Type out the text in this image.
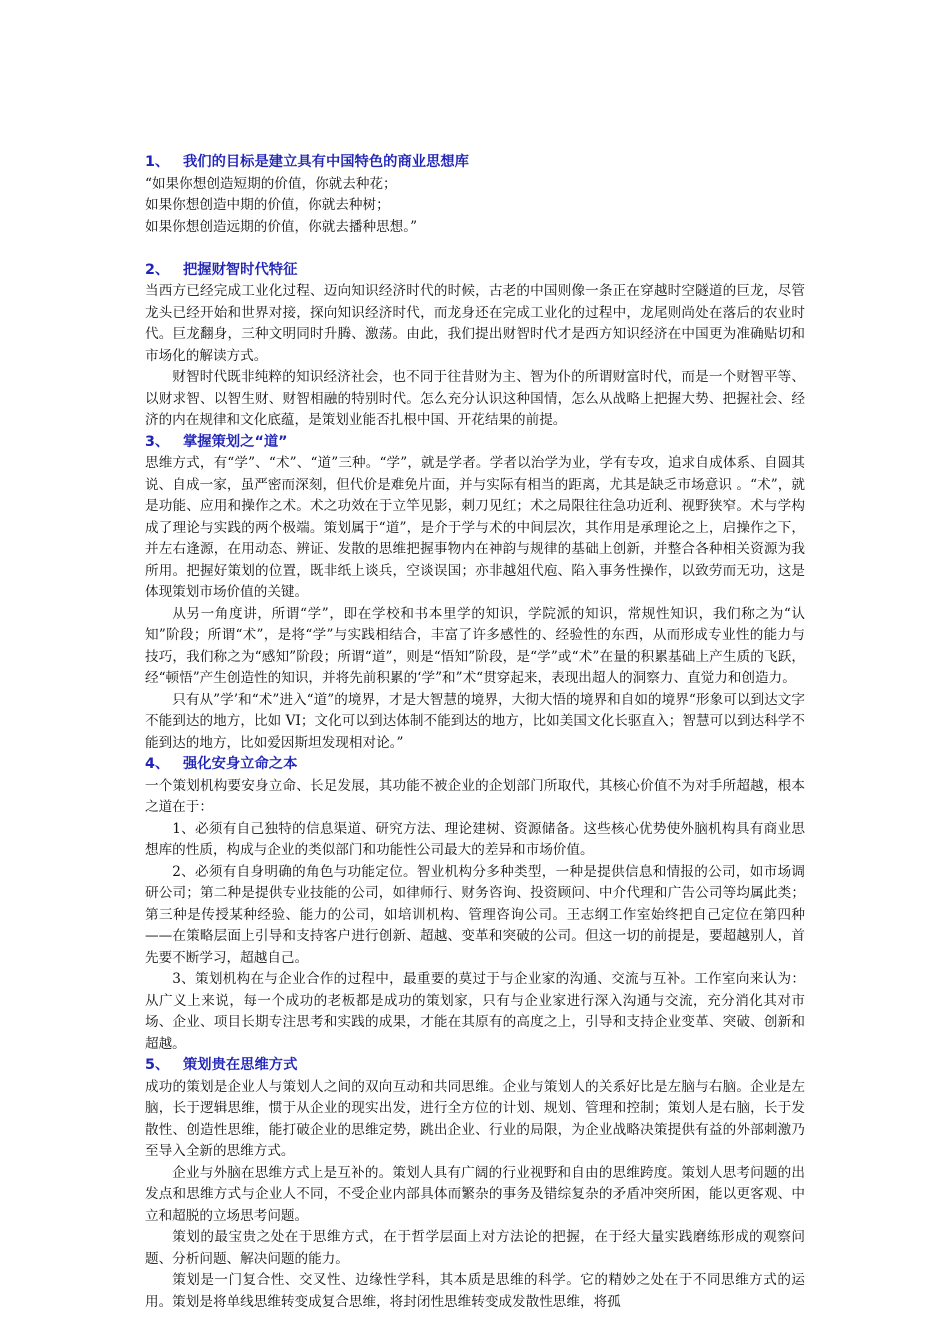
1、 我们的目标是建立具有中国特色的商业思想库

“如果你想创造短期的价值，你就去种花；

如果你想创造中期的价值，你就去种树；

如果你想创造远期的价值，你就去播种思想。”

2、 把握财智时代特征

当西方已经完成工业化过程、迈向知识经济时代的时候，古老的中国则像一条正在穿越时空隧道的巨龙，尽管龙头已经开始和世界对接，探向知识经济时代，而龙身还在完成工业化的过程中，龙尾则尚处在落后的农业时代。巨龙翻身，三种文明同时升腾、激荡。由此，我们提出财智时代才是西方知识经济在中国更为准确贴切和市场化的解读方式。

财智时代既非纯粹的知识经济社会，也不同于往昔财为主、智为仆的所谓财富时代，而是一个财智平等、以财求智、以智生财、财智相融的特别时代。怎么充分认识这种国情，怎么从战略上把握大势、把握社会、经济的内在规律和文化底蕴，是策划业能否扎根中国、开花结果的前提。

3、 掌握策划之“道”

思维方式，有“学”、“术”、“道”三种。“学”，就是学者。学者以治学为业，学有专攻，追求自成体系、自圆其说、自成一家，虽严密而深刻，但代价是难免片面，并与实际有相当的距离，尤其是缺乏市场意识 。“术”，就是功能、应用和操作之术。术之功效在于立竿见影，刺刀见红；术之局限往往急功近利、视野狭窄。术与学构成了理论与实践的两个极端。策划属于“道”，是介于学与术的中间层次，其作用是承理论之上，启操作之下，并左右逢源，在用动态、辨证、发散的思维把握事物内在神韵与规律的基础上创新，并整合各种相关资源为我所用。把握好策划的位置，既非纸上谈兵，空谈误国；亦非越俎代庖、陷入事务性操作，以致劳而无功，这是体现策划市场价值的关键。

从另一角度讲，所谓“学”，即在学校和书本里学的知识，学院派的知识，常规性知识，我们称之为“认知”阶段；所谓“术”，是将“学”与实践相结合，丰富了许多感性的、经验性的东西，从而形成专业性的能力与技巧，我们称之为“感知”阶段；所谓“道”，则是“悟知”阶段，是“学”或“术”在量的积累基础上产生质的飞跃，经“顿悟”产生创造性的知识，并将先前积累的‘学”和”术“贯穿起来，表现出超人的洞察力、直觉力和创造力。

只有从”学’和“术”进入“道”的境界，才是大智慧的境界，大彻大悟的境界和自如的境界“形象可以到达文字不能到达的地方，比如 VI；文化可以到达体制不能到达的地方，比如美国文化长驱直入；智慧可以到达科学不能到达的地方，比如爱因斯坦发现相对论。”

4、 强化安身立命之本

一个策划机构要安身立命、长足发展，其功能不被企业的企划部门所取代，其核心价值不为对手所超越，根本之道在于：

1、必须有自己独特的信息渠道、研究方法、理论建树、资源储备。这些核心优势使外脑机构具有商业思想库的性质，构成与企业的类似部门和功能性公司最大的差异和市场价值。

2、必须有自身明确的角色与功能定位。智业机构分多种类型，一种是提供信息和情报的公司，如市场调研公司；第二种是提供专业技能的公司，如律师行、财务咨询、投资顾问、中介代理和广告公司等均属此类；第三种是传授某种经验、能力的公司，如培训机构、管理咨询公司。王志纲工作室始终把自己定位在第四种——在策略层面上引导和支持客户进行创新、超越、变革和突破的公司。但这一切的前提是，要超越别人，首先要不断学习，超越自己。

3、策划机构在与企业合作的过程中，最重要的莫过于与企业家的沟通、交流与互补。工作室向来认为：从广义上来说，每一个成功的老板都是成功的策划家，只有与企业家进行深入沟通与交流，充分消化其对市场、企业、项目长期专注思考和实践的成果，才能在其原有的高度之上，引导和支持企业变革、突破、创新和超越。

5、 策划贵在思维方式

成功的策划是企业人与策划人之间的双向互动和共同思维。企业与策划人的关系好比是左脑与右脑。企业是左脑，长于逻辑思维，惯于从企业的现实出发，进行全方位的计划、规划、管理和控制；策划人是右脑，长于发散性、创造性思维，能打破企业的思维定势，跳出企业、行业的局限，为企业战略决策提供有益的外部刺激乃至导入全新的思维方式。

企业与外脑在思维方式上是互补的。策划人具有广阔的行业视野和自由的思维跨度。策划人思考问题的出发点和思维方式与企业人不同，不受企业内部具体而繁杂的事务及错综复杂的矛盾冲突所困，能以更客观、中立和超脱的立场思考问题。

策划的最宝贵之处在于思维方式，在于哲学层面上对方法论的把握，在于经大量实践磨练形成的观察问题、分析问题、解决问题的能力。

策划是一门复合性、交叉性、边缘性学科，其本质是思维的科学。它的精妙之处在于不同思维方式的运用。策划是将单线思维转变成复合思维，将封闭性思维转变成发散性思维，将孤
